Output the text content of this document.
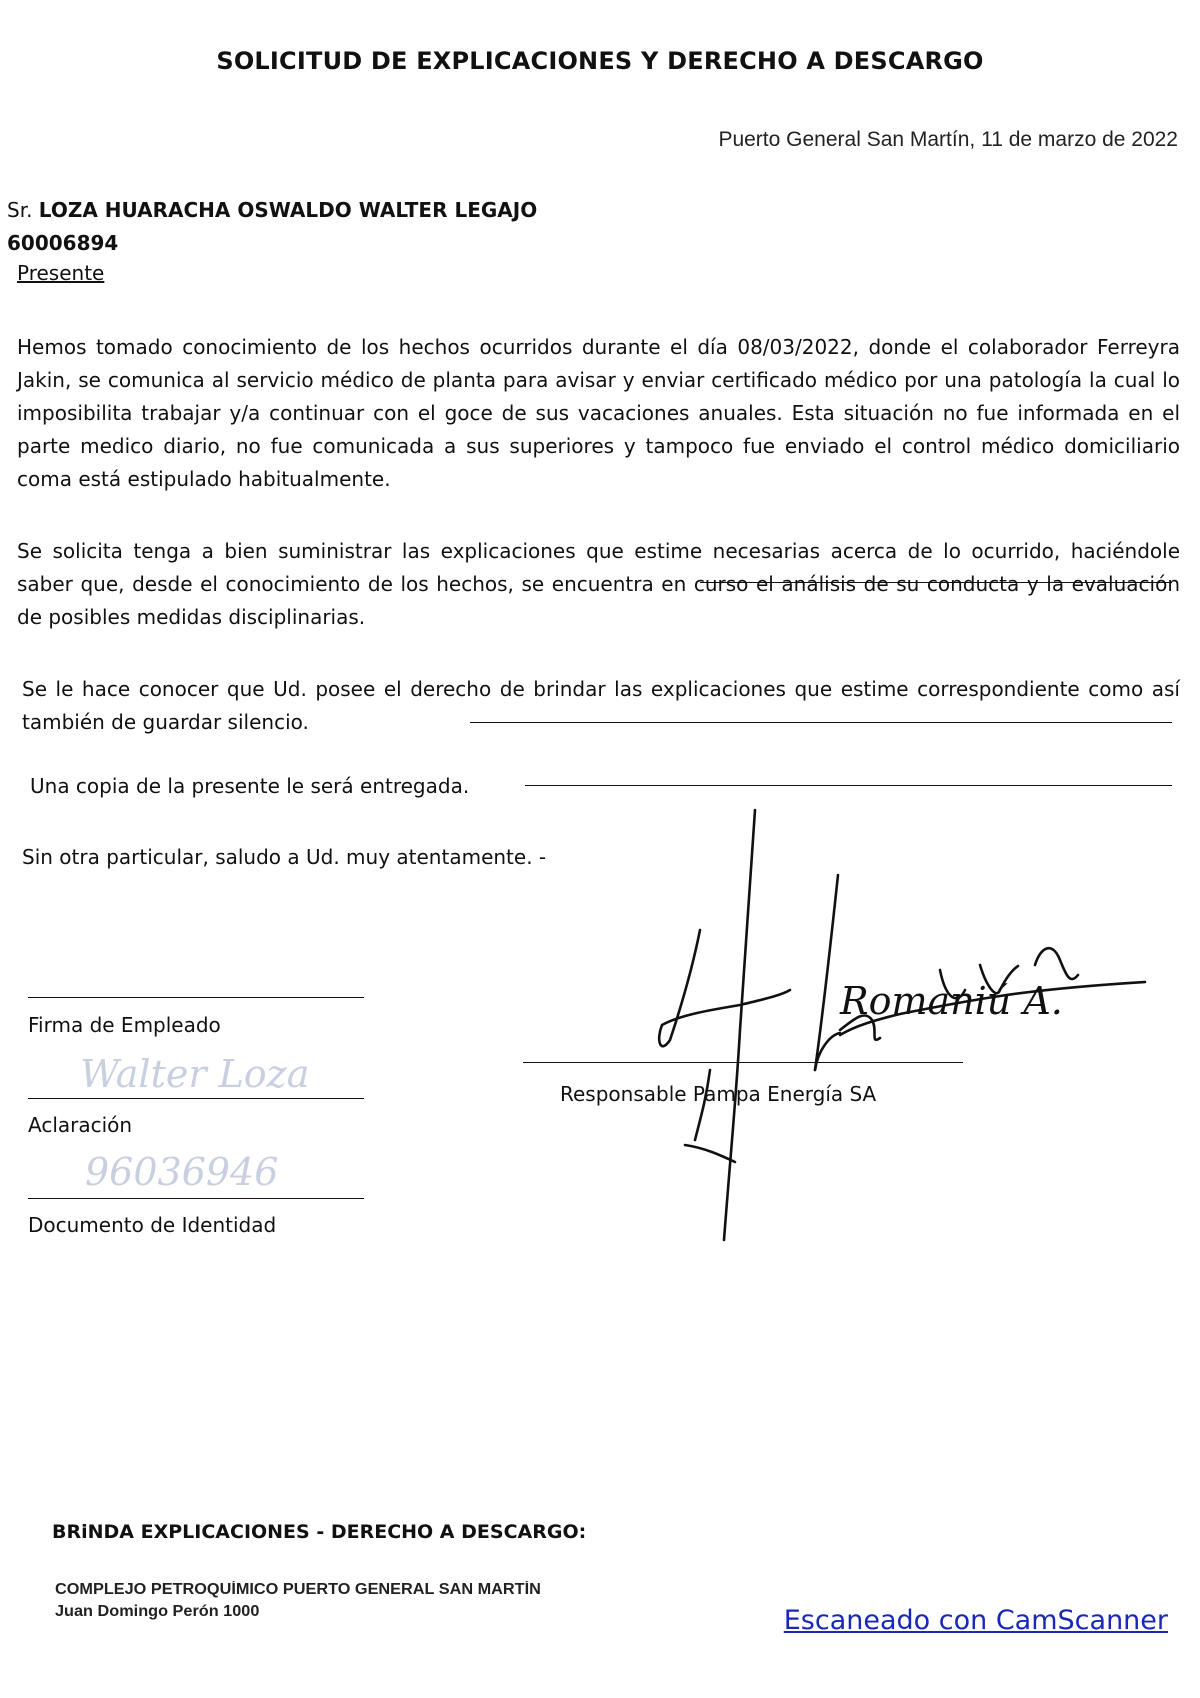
SOLICITUD DE EXPLICACIONES Y DERECHO A DESCARGO
Puerto General San Martín, 11 de marzo de 2022
Sr. LOZA HUARACHA OSWALDO WALTER LEGAJO
60006894
Presente
Hemos tomado conocimiento de los hechos ocurridos durante el día 08/03/2022, donde el colaborador Ferreyra Jakin, se comunica al servicio médico de planta para avisar y enviar certificado médico por una patología la cual lo imposibilita trabajar y/a continuar con el goce de sus vacaciones anuales. Esta situación no fue informada en el parte medico diario, no fue comunicada a sus superiores y tampoco fue enviado el control médico domiciliario coma está estipulado habitualmente.
Se solicita tenga a bien suministrar las explicaciones que estime necesarias acerca de lo ocurrido, haciéndole saber que, desde el conocimiento de los hechos, se encuentra en curso el análisis de su conducta y la evaluación de posibles medidas disciplinarias.
Se le hace conocer que Ud. posee el derecho de brindar las explicaciones que estime correspondiente como así también de guardar silencio.
Una copia de la presente le será entregada.
Sin otra particular, saludo a Ud. muy atentamente. -
Firma de Empleado
Walter Loza
Aclaración
96036946
Documento de Identidad
Responsable Pampa Energía SA
Romaniú A.
BRiNDA EXPLICACIONES - DERECHO A DESCARGO:
COMPLEJO PETROQUÍMICO PUERTO GENERAL SAN MARTÍN
Juan Domingo Perón 1000	Escaneado con CamScanner
